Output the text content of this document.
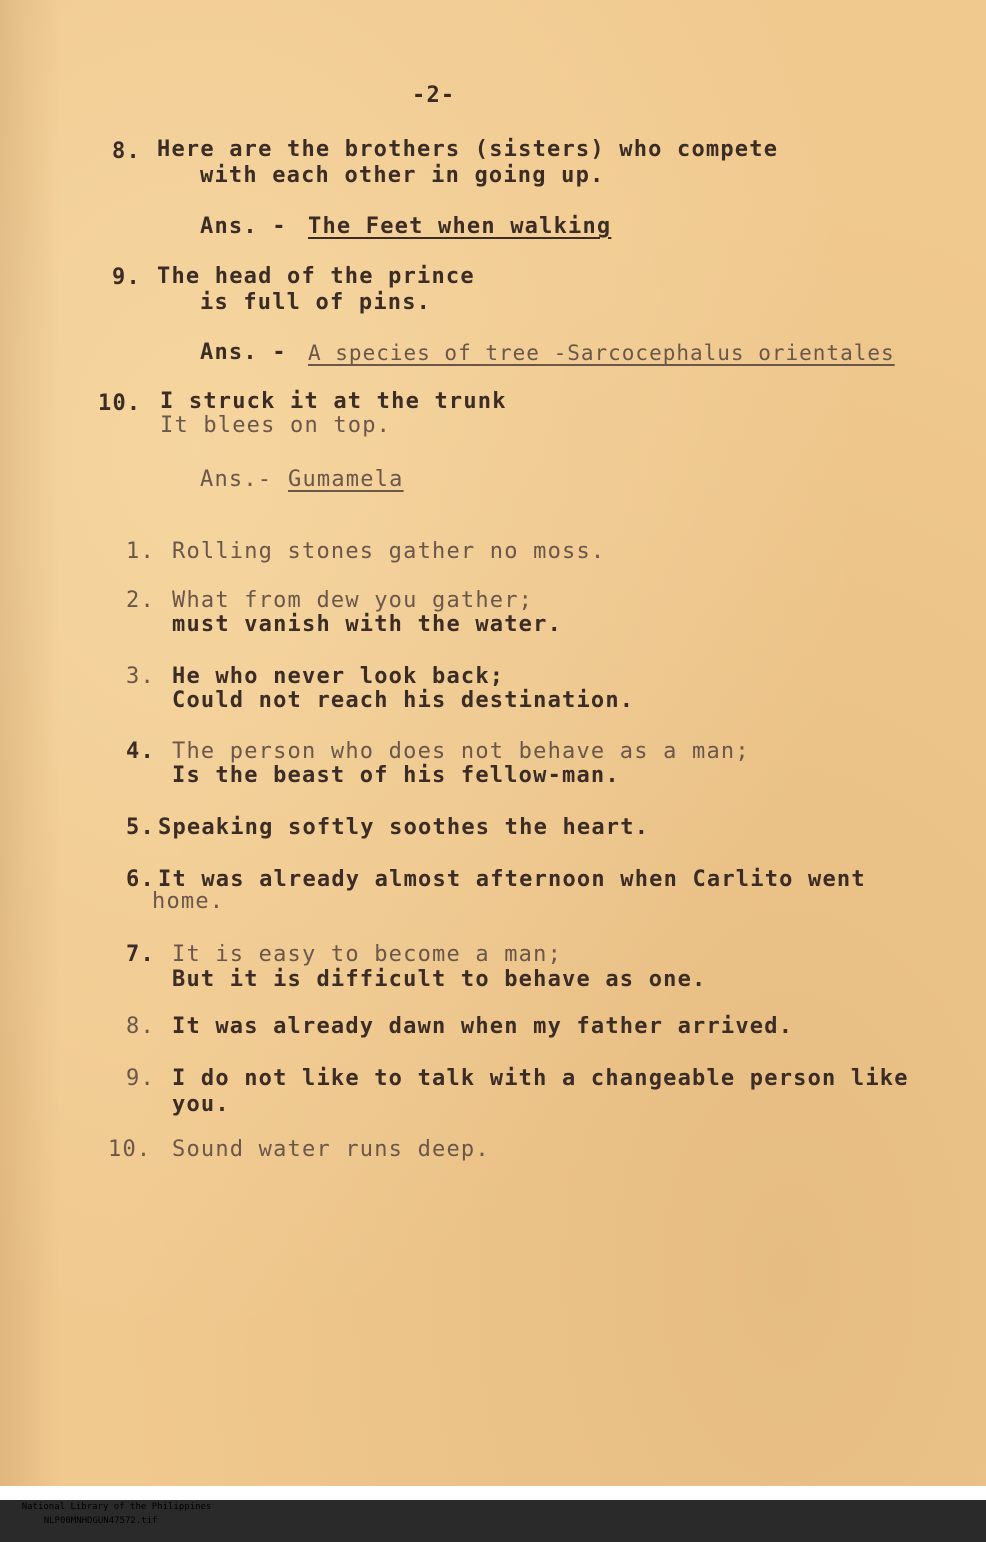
-2-
8. Here are the brothers (sisters) who compete
with each other in going up.
Ans. - The Feet when walking
9. The head of the prince
is full of pins.
Ans. - A species of tree -Sarcocephalus orientales
10. I struck it at the trunk
It blees on top.
Ans.- Gumamela
1. Rolling stones gather no moss.
2. What from dew you gather;
must vanish with the water.
3. He who never look back;
Could not reach his destination.
4. The person who does not behave as a man;
Is the beast of his fellow-man.
5. Speaking softly soothes the heart.
6. It was already almost afternoon when Carlito went
home.
7. It is easy to become a man;
But it is difficult to behave as one.
8. It was already dawn when my father arrived.
9. I do not like to talk with a changeable person like
you.
10. Sound water runs deep.

National Library of the Philippines
NLP00MNHDGUN47572.tif
